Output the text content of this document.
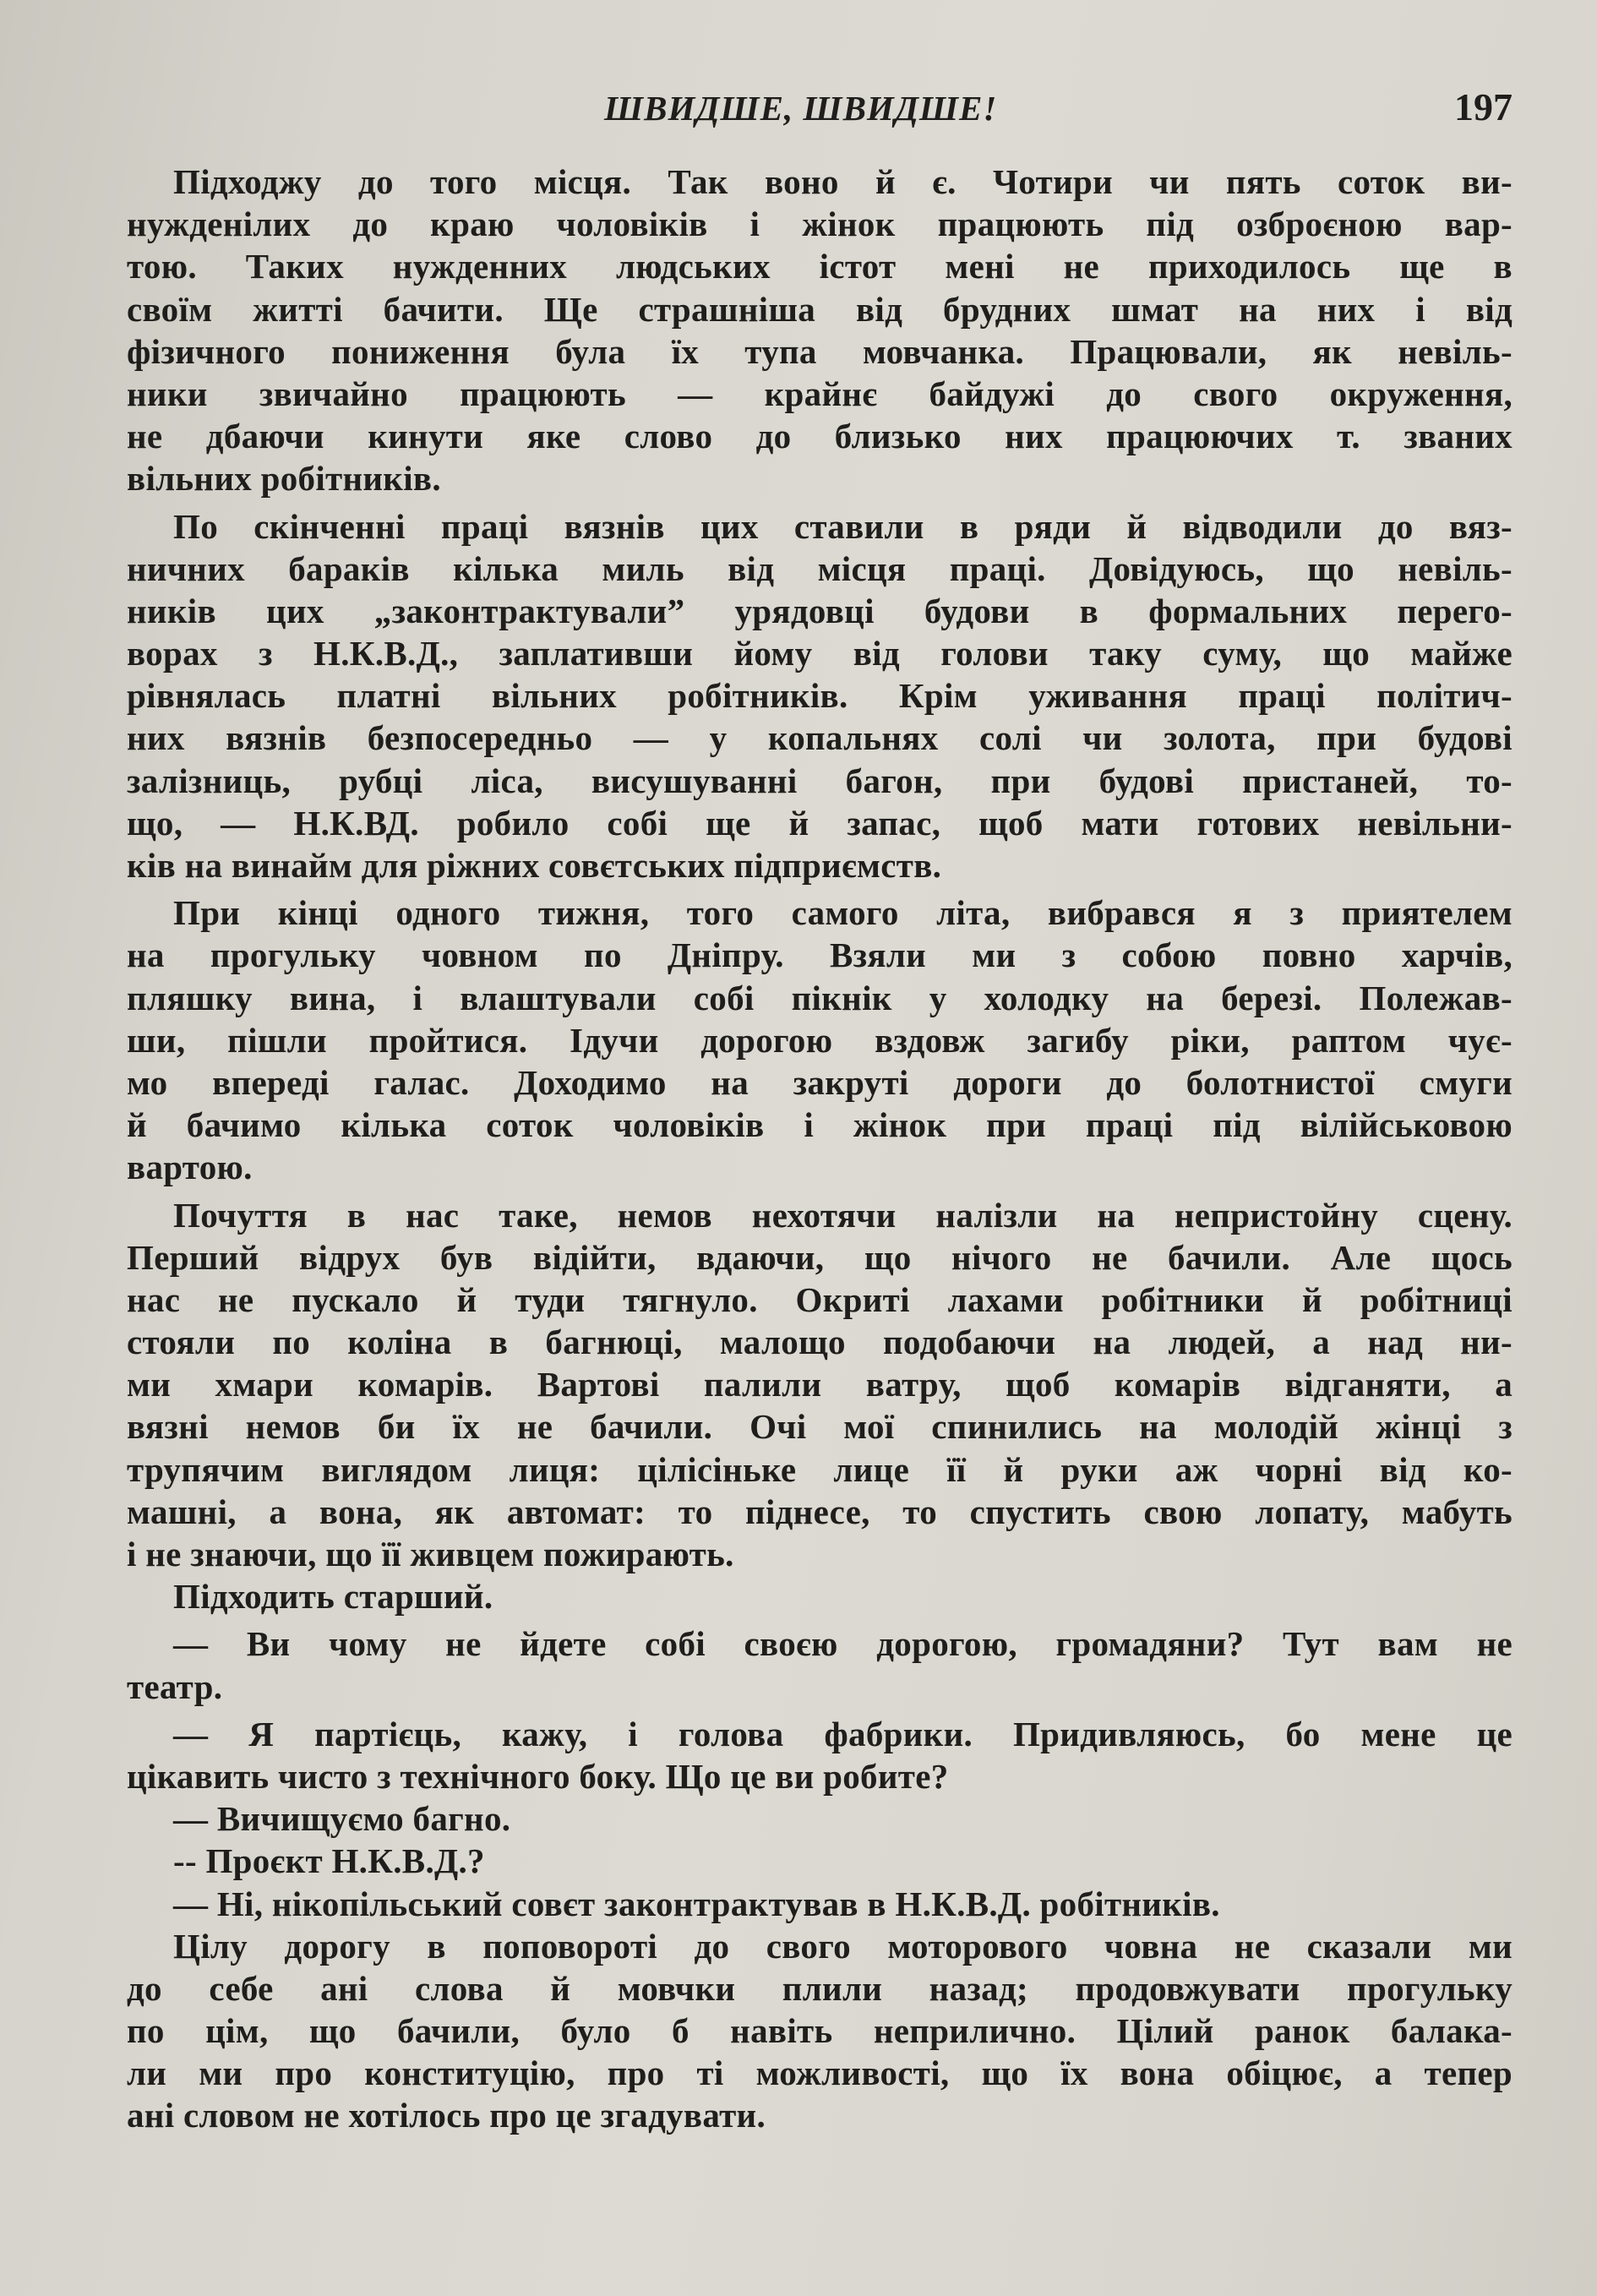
ШВИДШЕ, ШВИДШЕ!	197
Підходжу до того місця. Так воно й є. Чотири чи пять соток ви-
нужденілих до краю чоловіків і жінок працюють під озброєною вар-
тою. Таких нужденних людських істот мені не приходилось ще в
своїм житті бачити. Ще страшніша від брудних шмат на них і від
фізичного пониження була їх тупа мовчанка. Працювали, як невіль-
ники звичайно працюють — крайнє байдужі до свого окруження,
не дбаючи кинути яке слово до близько них працюючих т. званих
вільних робітників.
По скінченні праці вязнів цих ставили в ряди й відводили до вяз-
ничних бараків кілька миль від місця праці. Довідуюсь, що невіль-
ників цих „законтрактували” урядовці будови в формальних перего-
ворах з Н.К.В.Д., заплативши йому від голови таку суму, що майже
рівнялась платні вільних робітників. Крім уживання праці політич-
них вязнів безпосередньо — у копальнях солі чи золота, при будові
залізниць, рубці ліса, висушуванні багон, при будові пристаней, то-
що, — Н.К.ВД. робило собі ще й запас, щоб мати готових невільни-
ків на винайм для ріжних совєтських підприємств.
При кінці одного тижня, того самого літа, вибрався я з приятелем
на прогульку човном по Дніпру. Взяли ми з собою повно харчів,
пляшку вина, і влаштували собі пікнік у холодку на березі. Полежав-
ши, пішли пройтися. Ідучи дорогою вздовж загибу ріки, раптом чує-
мо впереді галас. Доходимо на закруті дороги до болотнистої смуги
й бачимо кілька соток чоловіків і жінок при праці під вілійськовою
вартою.
Почуття в нас таке, немов нехотячи налізли на непристойну сцену.
Перший відрух був відійти, вдаючи, що нічого не бачили. Але щось
нас не пускало й туди тягнуло. Окриті лахами робітники й робітниці
стояли по коліна в багнюці, малощо подобаючи на людей, а над ни-
ми хмари комарів. Вартові палили ватру, щоб комарів відганяти, а
вязні немов би їх не бачили. Очі мої спинились на молодій жінці з
трупячим виглядом лиця: цілісіньке лице її й руки аж чорні від ко-
машні, а вона, як автомат: то піднесе, то спустить свою лопату, мабуть
і не знаючи, що її живцем пожирають.
Підходить старший.
— Ви чому не йдете собі своєю дорогою, громадяни? Тут вам не
театр.
— Я партієць, кажу, і голова фабрики. Придивляюсь, бо мене це
цікавить чисто з технічного боку. Що це ви робите?
— Вичищуємо багно.
-- Проєкт Н.К.В.Д.?
— Ні, нікопільський совєт законтрактував в Н.К.В.Д. робітників.
Цілу дорогу в поповороті до свого моторового човна не сказали ми
до себе ані слова й мовчки плили назад; продовжувати прогульку
по цім, що бачили, було б навіть неприлично. Цілий ранок балака-
ли ми про конституцію, про ті можливості, що їх вона обіцює, а тепер
ані словом не хотілось про це згадувати.
